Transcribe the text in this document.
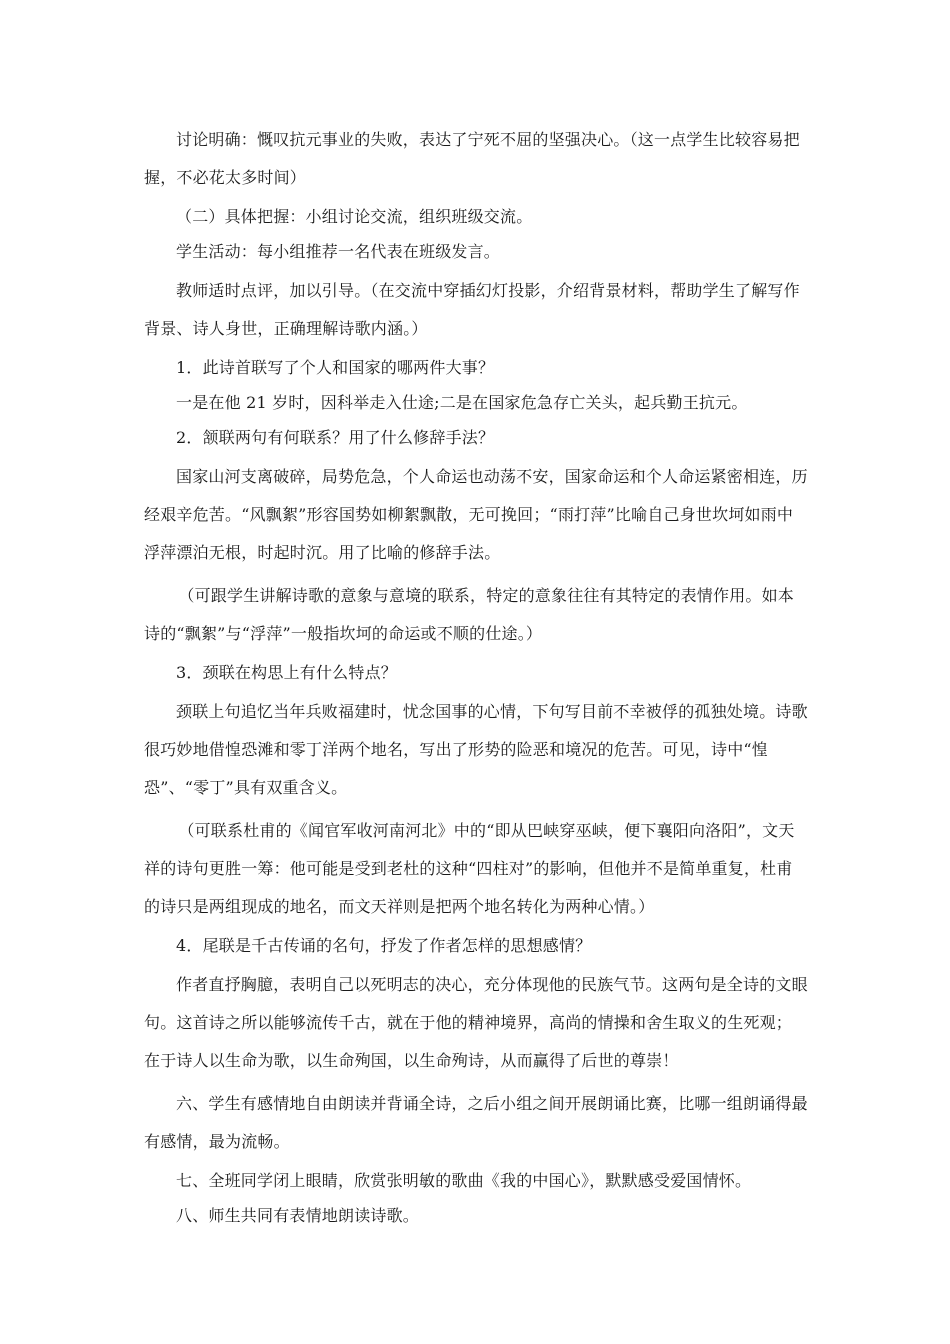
讨论明确：慨叹抗元事业的失败，表达了宁死不屈的坚强决心。（这一点学生比较容易把握，不必花太多时间）

（二）具体把握：小组讨论交流，组织班级交流。

学生活动：每小组推荐一名代表在班级发言。

教师适时点评，加以引导。（在交流中穿插幻灯投影，介绍背景材料，帮助学生了解写作背景、诗人身世，正确理解诗歌内涵。）

1．此诗首联写了个人和国家的哪两件大事？

一是在他 21 岁时，因科举走入仕途;二是在国家危急存亡关头，起兵勤王抗元。

2．颔联两句有何联系？用了什么修辞手法？

国家山河支离破碎，局势危急，个人命运也动荡不安，国家命运和个人命运紧密相连，历经艰辛危苦。“风飘絮”形容国势如柳絮飘散，无可挽回；“雨打萍”比喻自己身世坎坷如雨中浮萍漂泊无根，时起时沉。用了比喻的修辞手法。

（可跟学生讲解诗歌的意象与意境的联系，特定的意象往往有其特定的表情作用。如本诗的“飘絮”与“浮萍”一般指坎坷的命运或不顺的仕途。）

3．颈联在构思上有什么特点？

颈联上句追忆当年兵败福建时，忧念国事的心情，下句写目前不幸被俘的孤独处境。诗歌很巧妙地借惶恐滩和零丁洋两个地名，写出了形势的险恶和境况的危苦。可见，诗中“惶恐”、“零丁”具有双重含义。

（可联系杜甫的《闻官军收河南河北》中的“即从巴峡穿巫峡，便下襄阳向洛阳”，文天祥的诗句更胜一筹：他可能是受到老杜的这种“四柱对”的影响，但他并不是简单重复，杜甫的诗只是两组现成的地名，而文天祥则是把两个地名转化为两种心情。）

4．尾联是千古传诵的名句，抒发了作者怎样的思想感情？

作者直抒胸臆，表明自己以死明志的决心，充分体现他的民族气节。这两句是全诗的文眼句。这首诗之所以能够流传千古，就在于他的精神境界，高尚的情操和舍生取义的生死观；在于诗人以生命为歌，以生命殉国，以生命殉诗，从而赢得了后世的尊崇！

六、学生有感情地自由朗读并背诵全诗，之后小组之间开展朗诵比赛，比哪一组朗诵得最有感情，最为流畅。

七、全班同学闭上眼睛，欣赏张明敏的歌曲《我的中国心》，默默感受爱国情怀。

八、师生共同有表情地朗读诗歌。
